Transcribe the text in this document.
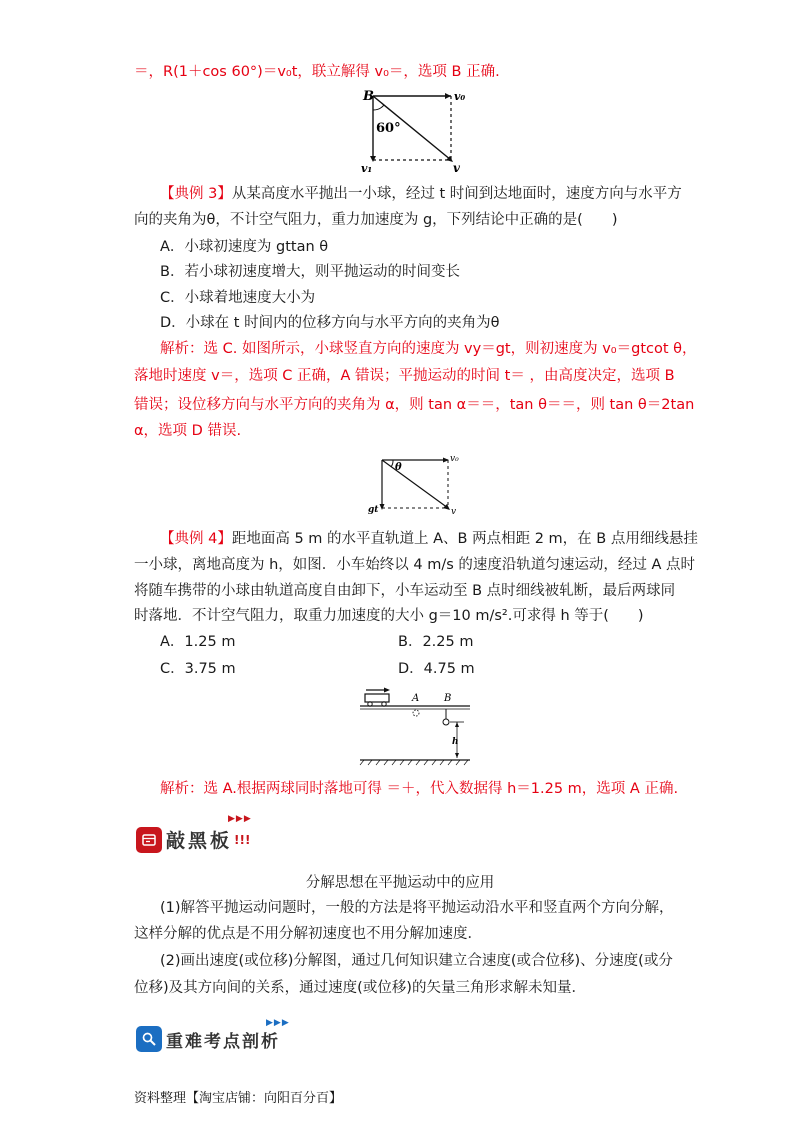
＝，R(1＋cos 60°)＝v₀t，联立解得 v₀＝，选项 B 正确.
B	v₀
60°
v₁	v
【典例 3】从某高度水平抛出一小球，经过 t 时间到达地面时，速度方向与水平方
向的夹角为θ，不计空气阻力，重力加速度为 g，下列结论中正确的是(　　)
A．小球初速度为 gttan θ
B．若小球初速度增大，则平抛运动的时间变长
C．小球着地速度大小为
D．小球在 t 时间内的位移方向与水平方向的夹角为θ
解析：选 C. 如图所示，小球竖直方向的速度为 vy＝gt，则初速度为 v₀＝gtcot θ，
落地时速度 v＝，选项 C 正确，A 错误；平抛运动的时间 t＝ ，由高度决定，选项 B
错误；设位移方向与水平方向的夹角为 α，则 tan α＝＝，tan θ＝＝，则 tan θ＝2tan
α，选项 D 错误.
θ
v₀
gt	v
【典例 4】距地面高 5 m 的水平直轨道上 A、B 两点相距 2 m，在 B 点用细线悬挂
一小球，离地高度为 h，如图．小车始终以 4 m/s 的速度沿轨道匀速运动，经过 A 点时
将随车携带的小球由轨道高度自由卸下，小车运动至 B 点时细线被轧断，最后两球同
时落地．不计空气阻力，取重力加速度的大小 g＝10 m/s².可求得 h 等于(　　)
A．1.25 m	B．2.25 m
C．3.75 m	D．4.75 m
A B
h
解析：选 A.根据两球同时落地可得 ＝＋，代入数据得 h＝1.25 m，选项 A 正确.
▶▶▶
敲黑板 !!!
分解思想在平抛运动中的应用
(1)解答平抛运动问题时，一般的方法是将平抛运动沿水平和竖直两个方向分解，
这样分解的优点是不用分解初速度也不用分解加速度．
(2)画出速度(或位移)分解图，通过几何知识建立合速度(或合位移)、分速度(或分
位移)及其方向间的关系，通过速度(或位移)的矢量三角形求解未知量．
▶▶▶
重难考点剖析
资料整理【淘宝店铺：向阳百分百】
